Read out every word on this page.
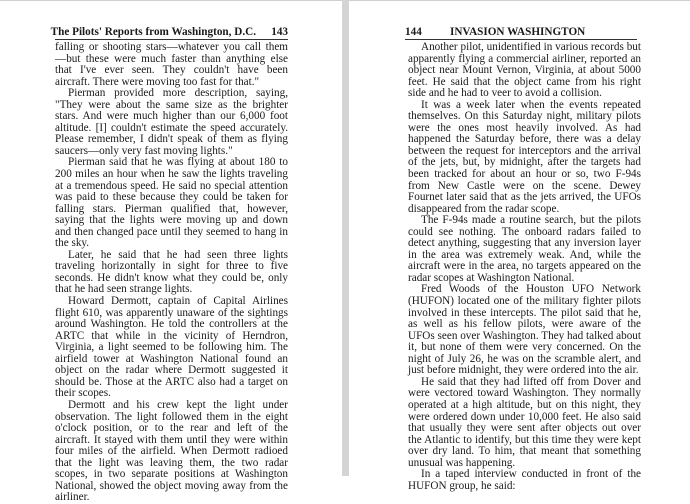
The Pilots' Reports from Washington, D.C. 143

falling or shooting stars—whatever you call them—but these were much faster than anything else that I've ever seen. They couldn't have been aircraft. There were moving too fast for that."

Pierman provided more description, saying, "They were about the same size as the brighter stars. And were much higher than our 6,000 foot altitude. [I] couldn't estimate the speed accurately. Please remember, I didn't speak of them as flying saucers—only very fast moving lights."

Pierman said that he was flying at about 180 to 200 miles an hour when he saw the lights traveling at a tremendous speed. He said no special attention was paid to these because they could be taken for falling stars. Pierman qualified that, however, saying that the lights were moving up and down and then changed pace until they seemed to hang in the sky.

Later, he said that he had seen three lights traveling horizontally in sight for three to five seconds. He didn't know what they could be, only that he had seen strange lights.

Howard Dermott, captain of Capital Airlines flight 610, was apparently unaware of the sightings around Washington. He told the controllers at the ARTC that while in the vicinity of Herndron, Virginia, a light seemed to be following him. The airfield tower at Washington National found an object on the radar where Dermott suggested it should be. Those at the ARTC also had a target on their scopes.

Dermott and his crew kept the light under observation. The light followed them in the eight o'clock position, or to the rear and left of the aircraft. It stayed with them until they were within four miles of the airfield. When Dermott radioed that the light was leaving them, the two radar scopes, in two separate positions at Washington National, showed the object moving away from the airliner.

144	INVASION WASHINGTON

Another pilot, unidentified in various records but apparently flying a commercial airliner, reported an object near Mount Vernon, Virginia, at about 5000 feet. He said that the object came from his right side and he had to veer to avoid a collision.

It was a week later when the events repeated themselves. On this Saturday night, military pilots were the ones most heavily involved. As had happened the Saturday before, there was a delay between the request for interceptors and the arrival of the jets, but, by midnight, after the targets had been tracked for about an hour or so, two F-94s from New Castle were on the scene. Dewey Fournet later said that as the jets arrived, the UFOs disappeared from the radar scope.

The F-94s made a routine search, but the pilots could see nothing. The onboard radars failed to detect anything, suggesting that any inversion layer in the area was extremely weak. And, while the aircraft were in the area, no targets appeared on the radar scopes at Washington National.

Fred Woods of the Houston UFO Network (HUFON) located one of the military fighter pilots involved in these intercepts. The pilot said that he, as well as his fellow pilots, were aware of the UFOs seen over Washington. They had talked about it, but none of them were very concerned. On the night of July 26, he was on the scramble alert, and just before midnight, they were ordered into the air.

He said that they had lifted off from Dover and were vectored toward Washington. They normally operated at a high altitude, but on this night, they were ordered down under 10,000 feet. He also said that usually they were sent after objects out over the Atlantic to identify, but this time they were kept over dry land. To him, that meant that something unusual was happening.

In a taped interview conducted in front of the HUFON group, he said:
